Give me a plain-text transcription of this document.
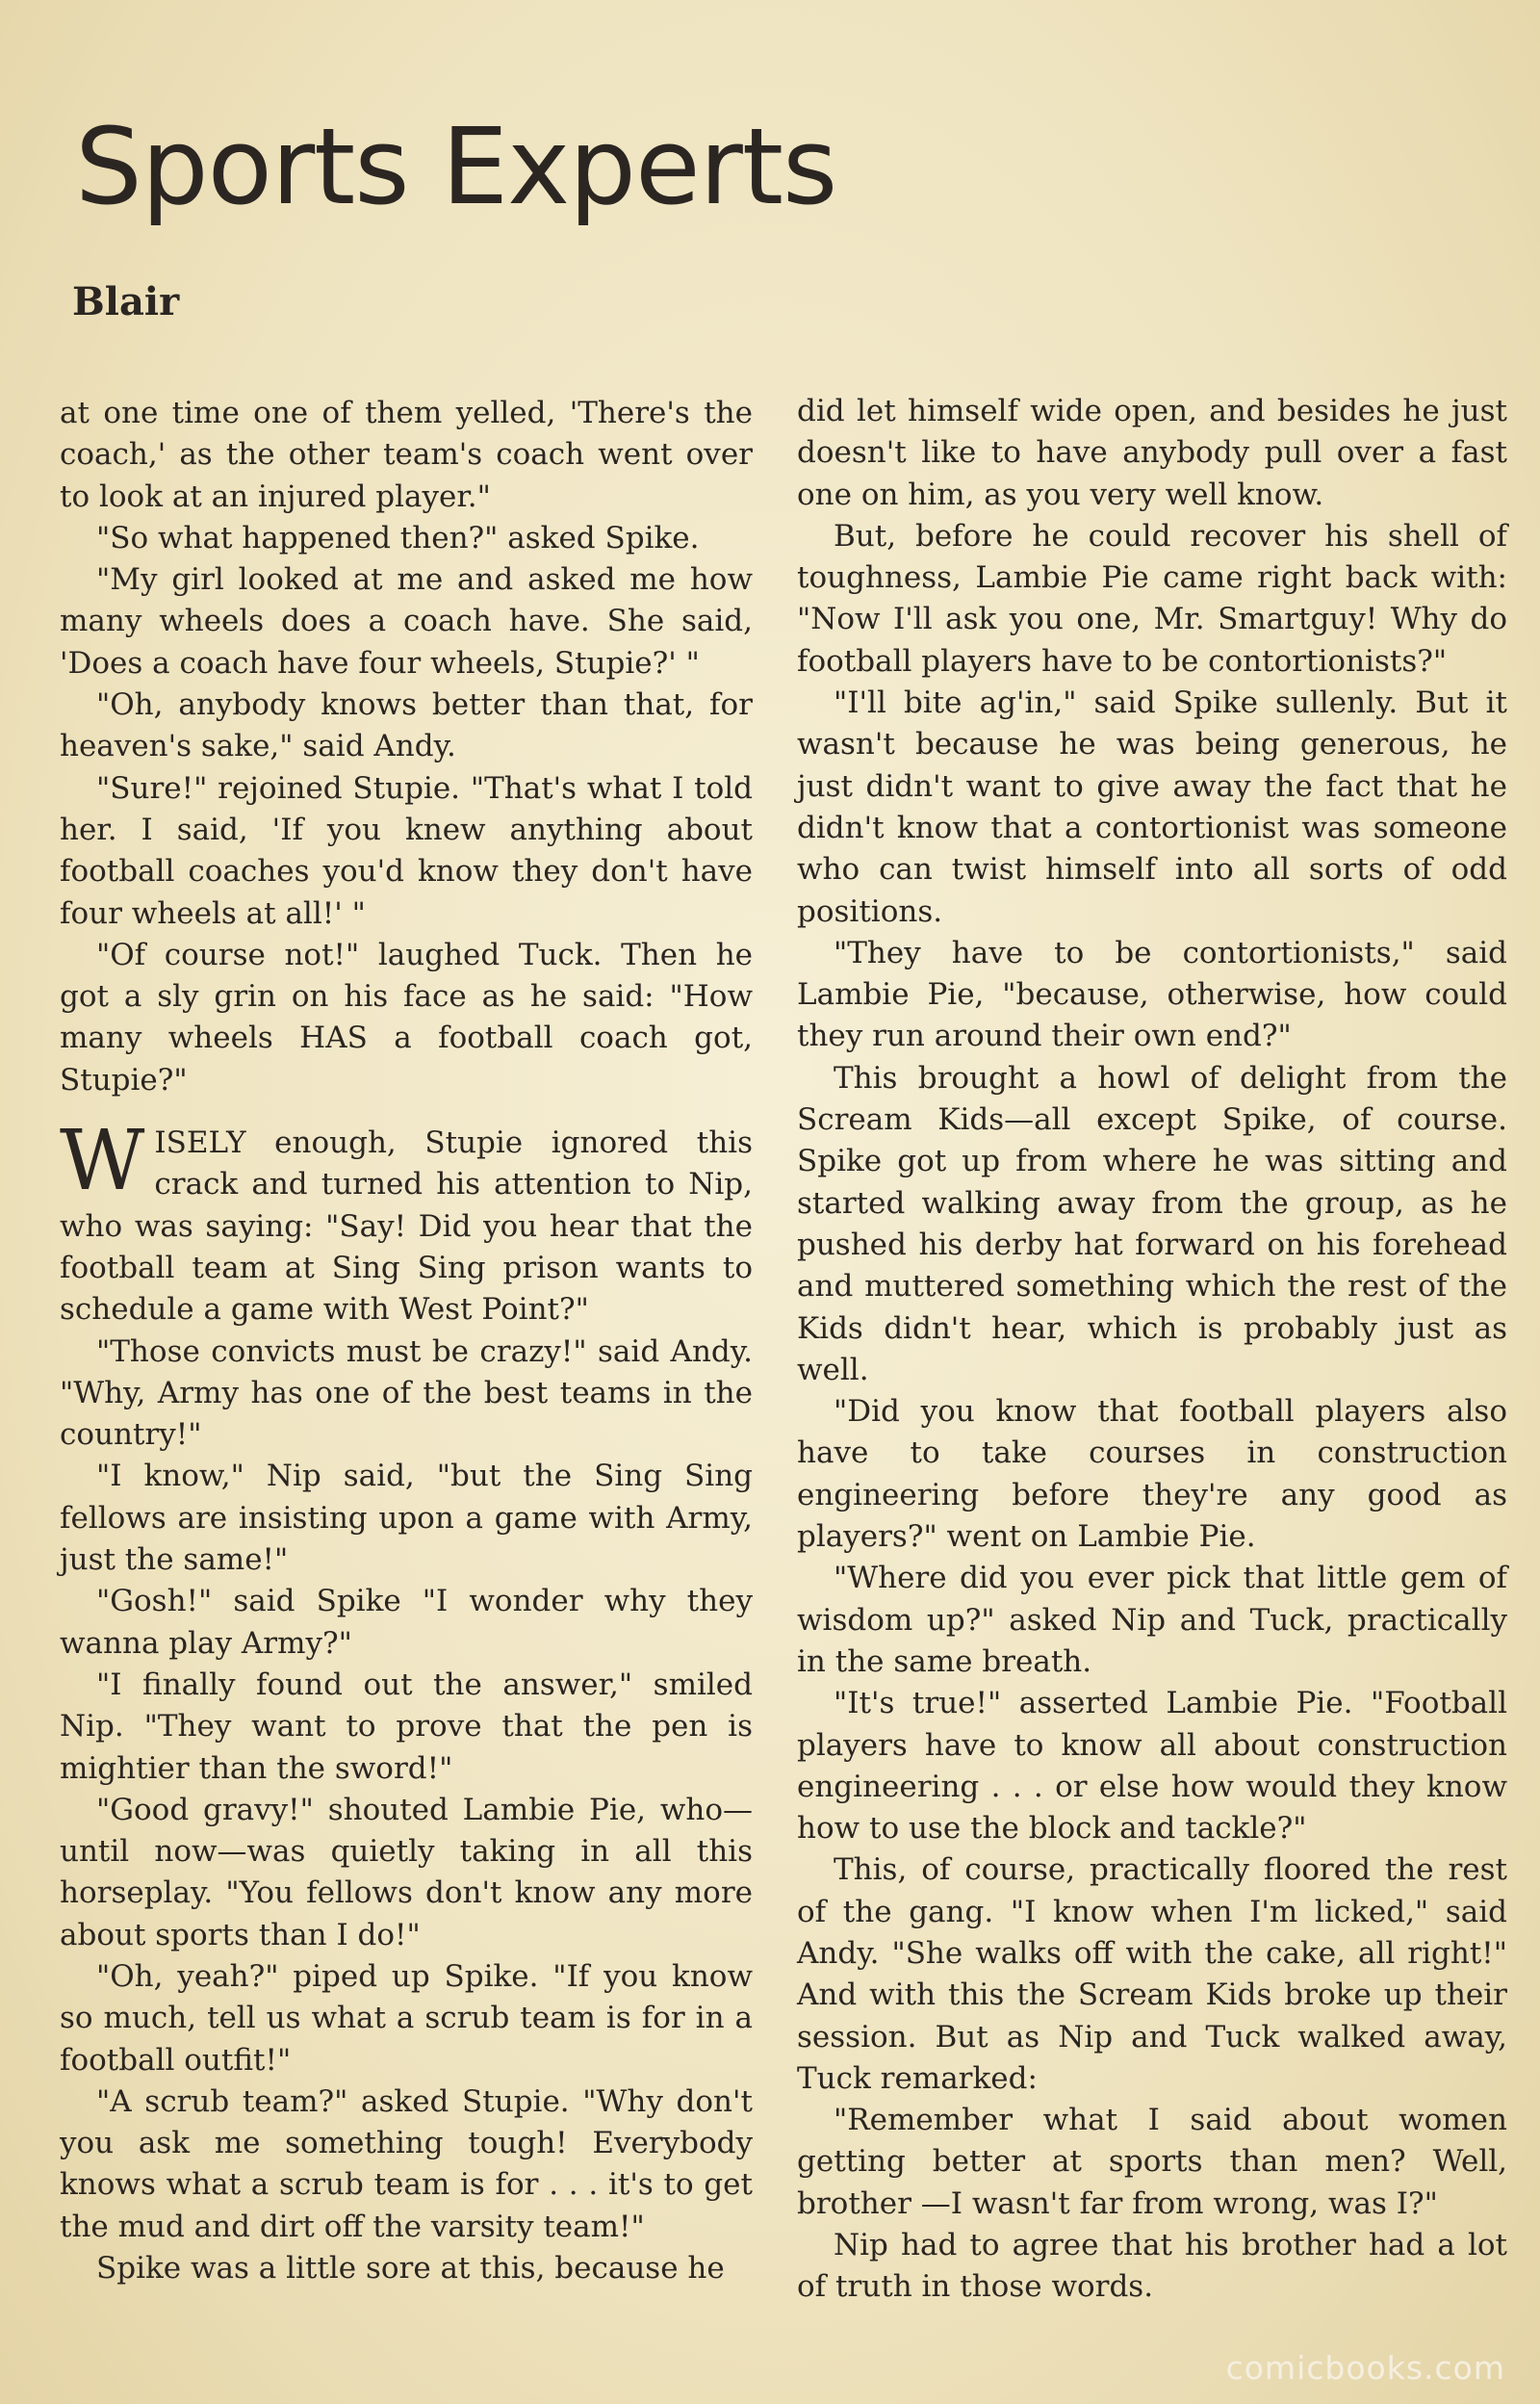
Sports Experts
Blair

at one time one of them yelled, 'There's the coach,' as the other team's coach went over to look at an injured player."

"So what happened then?" asked Spike.

"My girl looked at me and asked me how many wheels does a coach have. She said, 'Does a coach have four wheels, Stupie?' "

"Oh, anybody knows better than that, for heaven's sake," said Andy.

"Sure!" rejoined Stupie. "That's what I told her. I said, 'If you knew anything about football coaches you'd know they don't have four wheels at all!' "

"Of course not!" laughed Tuck. Then he got a sly grin on his face as he said: "How many wheels HAS a football coach got, Stupie?"

WISELY enough, Stupie ignored this crack and turned his attention to Nip, who was saying: "Say! Did you hear that the football team at Sing Sing prison wants to schedule a game with West Point?"

"Those convicts must be crazy!" said Andy. "Why, Army has one of the best teams in the country!"

"I know," Nip said, "but the Sing Sing fellows are insisting upon a game with Army, just the same!"

"Gosh!" said Spike "I wonder why they wanna play Army?"

"I finally found out the answer," smiled Nip. "They want to prove that the pen is mightier than the sword!"

"Good gravy!" shouted Lambie Pie, who—until now—was quietly taking in all this horseplay. "You fellows don't know any more about sports than I do!"

"Oh, yeah?" piped up Spike. "If you know so much, tell us what a scrub team is for in a football outfit!"

"A scrub team?" asked Stupie. "Why don't you ask me something tough! Everybody knows what a scrub team is for . . . it's to get the mud and dirt off the varsity team!"

Spike was a little sore at this, because he

did let himself wide open, and besides he just doesn't like to have anybody pull over a fast one on him, as you very well know.

But, before he could recover his shell of toughness, Lambie Pie came right back with: "Now I'll ask you one, Mr. Smartguy! Why do football players have to be contortionists?"

"I'll bite ag'in," said Spike sullenly. But it wasn't because he was being generous, he just didn't want to give away the fact that he didn't know that a contortionist was someone who can twist himself into all sorts of odd positions.

"They have to be contortionists," said Lambie Pie, "because, otherwise, how could they run around their own end?"

This brought a howl of delight from the Scream Kids—all except Spike, of course. Spike got up from where he was sitting and started walking away from the group, as he pushed his derby hat forward on his forehead and muttered something which the rest of the Kids didn't hear, which is probably just as well.

"Did you know that football players also have to take courses in construction engineering before they're any good as players?" went on Lambie Pie.

"Where did you ever pick that little gem of wisdom up?" asked Nip and Tuck, practically in the same breath.

"It's true!" asserted Lambie Pie. "Football players have to know all about construction engineering . . . or else how would they know how to use the block and tackle?"

This, of course, practically floored the rest of the gang. "I know when I'm licked," said Andy. "She walks off with the cake, all right!" And with this the Scream Kids broke up their session. But as Nip and Tuck walked away, Tuck remarked:

"Remember what I said about women getting better at sports than men? Well, brother —I wasn't far from wrong, was I?"

Nip had to agree that his brother had a lot of truth in those words.

comicbooks.com
